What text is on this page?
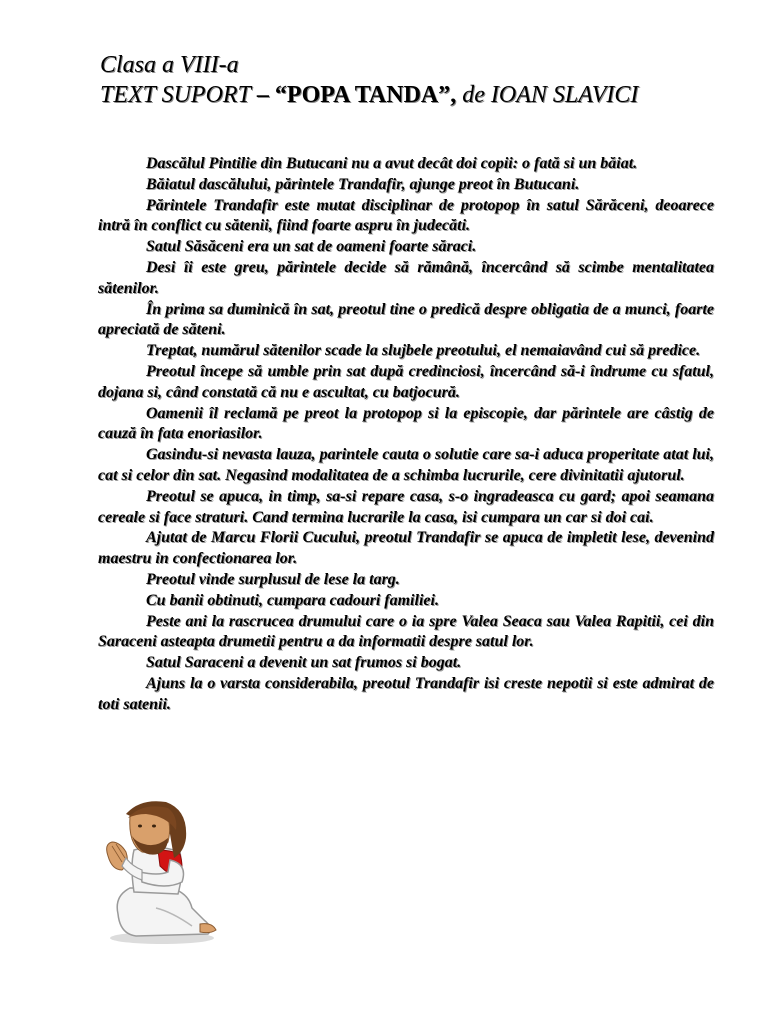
Clasa a VIII-a
TEXT SUPORT – “POPA TANDA”, de IOAN SLAVICI

Dascălul Pintilie din Butucani nu a avut decât doi copii: o fată si un băiat.

Băiatul dascălului, părintele Trandafir, ajunge preot în Butucani.

Părintele Trandafir este mutat disciplinar de protopop în satul Sărăceni, deoarece intră în conflict cu sătenii, fiind foarte aspru în judecăti.

Satul Săsăceni era un sat de oameni foarte săraci.

Desi îi este greu, părintele decide să rămână, încercând să scimbe mentalitatea sătenilor.

În prima sa duminică în sat, preotul tine o predică despre obligatia de a munci, foarte apreciată de săteni.

Treptat, numărul sătenilor scade la slujbele preotului, el nemaiavând cui să predice.

Preotul începe să umble prin sat după credinciosi, încercând să-i îndrume cu sfatul, dojana si, când constată că nu e ascultat, cu batjocură.

Oamenii îl reclamă pe preot la protopop si la episcopie, dar părintele are câstig de cauză în fata enoriasilor.

Gasindu-si nevasta lauza, parintele cauta o solutie care sa-i aduca properitate atat lui, cat si celor din sat. Negasind modalitatea de a schimba lucrurile, cere divinitatii ajutorul.

Preotul se apuca, in timp, sa-si repare casa, s-o ingradeasca cu gard; apoi seamana cereale si face straturi. Cand termina lucrarile la casa, isi cumpara un car si doi cai.

Ajutat de Marcu Florii Cucului, preotul Trandafir se apuca de impletit lese, devenind maestru in confectionarea lor.

Preotul vinde surplusul de lese la targ.

Cu banii obtinuti, cumpara cadouri familiei.

Peste ani la rascrucea drumului care o ia spre Valea Seaca sau Valea Rapitii, cei din Saraceni asteapta drumetii pentru a da informatii despre satul lor.

Satul Saraceni a devenit un sat frumos si bogat.

Ajuns la o varsta considerabila, preotul Trandafir isi creste nepotii si este admirat de toti satenii.
